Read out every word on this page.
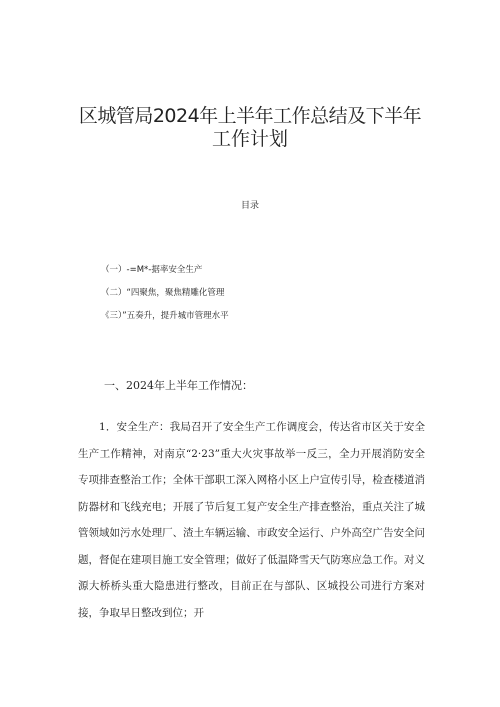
区城管局2024年上半年工作总结及下半年
工作计划
目录
（一）-=M*-据率安全生产
（二）“四聚焦，聚焦精雕化管理
《三）”五奏升，提升城市管理水平
一、2024年上半年工作情况：

1．安全生产：我局召开了安全生产工作调度会，传达省市区关于安全生产工作精神，对南京“2·23”重大火灾事故举一反三，全力开展消防安全专项排查整治工作；全体干部职工深入网格小区上户宣传引导，检查楼道消防器材和飞线充电；开展了节后复工复产安全生产排查整治，重点关注了城管领域如污水处理厂、渣土车辆运输、市政安全运行、户外高空广告安全问题，督促在建项目施工安全管理；做好了低温降雪天气防寒应急工作。对义源大桥桥头重大隐患进行整改，目前正在与部队、区城投公司进行方案对接，争取早日整改到位；开
